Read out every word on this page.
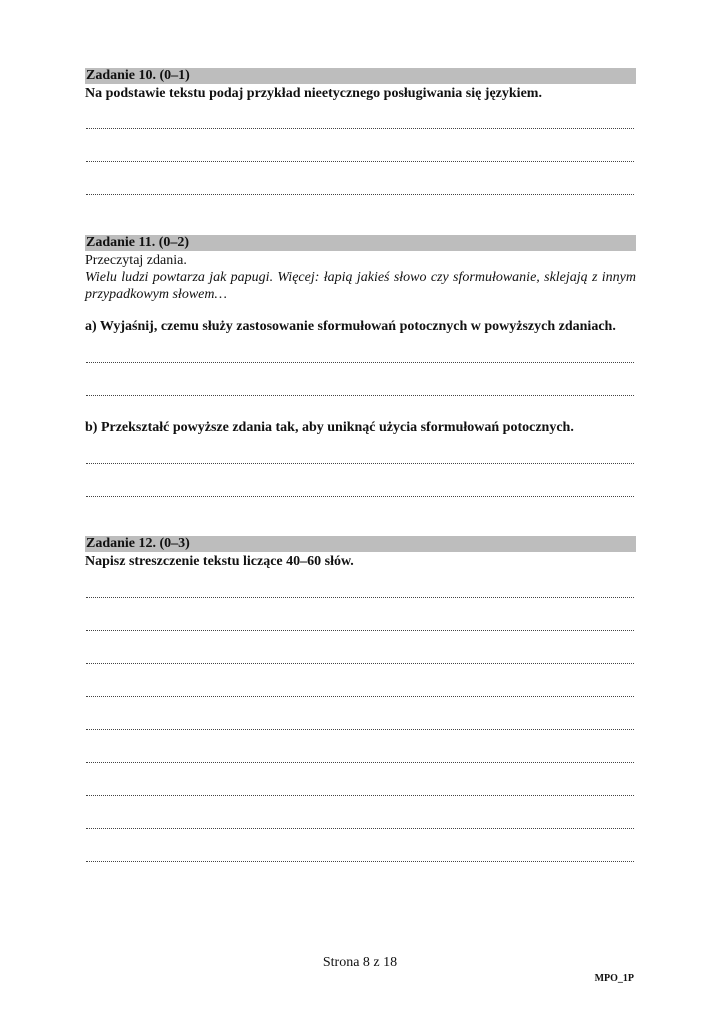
Zadanie 10. (0–1)
Na podstawie tekstu podaj przykład nieetycznego posługiwania się językiem.
Zadanie 11. (0–2)
Przeczytaj zdania.
Wielu ludzi powtarza jak papugi. Więcej: łapią jakieś słowo czy sformułowanie, sklejają z innym przypadkowym słowem…
a) Wyjaśnij, czemu służy zastosowanie sformułowań potocznych w powyższych zdaniach.
b) Przekształć powyższe zdania tak, aby uniknąć użycia sformułowań potocznych.
Zadanie 12. (0–3)
Napisz streszczenie tekstu liczące 40–60 słów.
Strona 8 z 18
MPO_1P
